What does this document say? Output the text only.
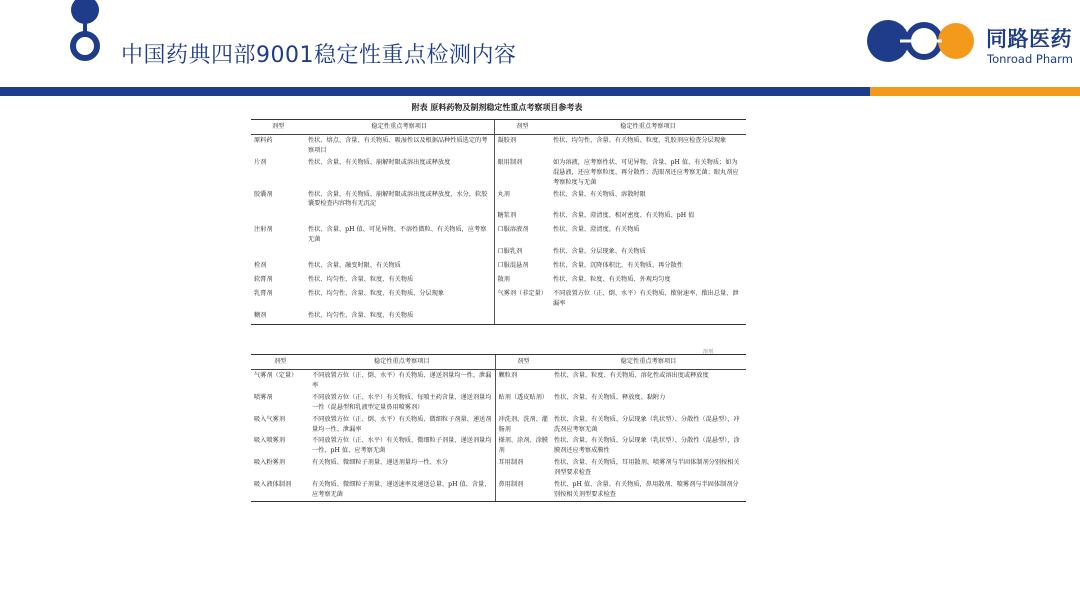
中国药典四部9001稳定性重点检测内容
同路医药
Tonroad Pharm
附表 原料药物及制剂稳定性重点考察项目参考表
剂型	稳定性重点考察项目	剂型	稳定性重点考察项目
原料药	性状、熔点、含量、有关物质、吸湿性以及根据品种性质选定的考察项目	凝胶剂	性状、均匀性、含量、有关物质、粒度，乳胶剂应检查分层现象
片剂	性状、含量、有关物质、崩解时限或溶出度或释放度	眼用制剂	如为溶液，应考察性状、可见异物、含量、pH 值、有关物质；如为混悬液，还应考察粒度、再分散性；洗眼剂还应考察无菌；眼丸剂应考察粒度与无菌
胶囊剂	性状、含量、有关物质、崩解时限或溶出度或释放度、水分，软胶囊要检查内容物有无沉淀	丸剂	性状、含量、有关物质、溶散时限
		糖浆剂	性状、含量、澄清度、相对密度、有关物质、pH 值
注射剂	性状、含量、pH 值、可见异物、不溶性微粒、有关物质，应考察无菌	口服溶液剂	性状、含量、澄清度、有关物质
		口服乳剂	性状、含量、分层现象、有关物质
栓剂	性状、含量、融变时限、有关物质	口服混悬剂	性状、含量、沉降体积比、有关物质、再分散性
软膏剂	性状、均匀性、含量、粒度、有关物质	散剂	性状、含量、粒度、有关物质、外观均匀度
乳膏剂	性状、均匀性、含量、粒度、有关物质、分层现象	气雾剂（非定量）	不同放置方位（正、倒、水平）有关物质、揿射速率、揿出总量、泄漏率
糊剂	性状、均匀性、含量、粒度、有关物质		
溶剂
剂型	稳定性重点考察项目	剂型	稳定性重点考察项目
气雾剂（定量）	不同放置方位（正、倒、水平）有关物质、递送剂量均一性、泄漏率	颗粒剂	性状、含量、粒度、有关物质、溶化性或溶出度或释放度
喷雾剂	不同放置方位（正、水平）有关物质、每喷主药含量、递送剂量均一性（混悬型和乳液型定量鼻用喷雾剂）	贴剂（透皮贴剂）	性状、含量、有关物质、释放度、黏附力
吸入气雾剂	不同放置方位（正、倒、水平）有关物质、微细粒子剂量、递送剂量均一性、泄漏率	冲洗剂、洗剂、灌肠剂	性状、含量、有关物质、分层现象（乳状型）、分散性（混悬型），冲洗剂应考察无菌
吸入喷雾剂	不同放置方位（正、水平）有关物质、微细粒子剂量、递送剂量均一性、pH 值、应考察无菌	搽剂、涂剂、涂膜剂	性状、含量、有关物质、分层现象（乳状型）、分散性（混悬型），涂膜剂还应考察成膜性
吸入粉雾剂	有关物质、微细粒子剂量、递送剂量均一性、水分	耳用制剂	性状、含量、有关物质，耳用散剂、喷雾剂与半固体制剂分别按相关剂型要求检查
吸入液体制剂	有关物质、微细粒子剂量、递送速率及递送总量、pH 值、含量、应考察无菌	鼻用制剂	性状、pH 值、含量、有关物质，鼻用散剂、喷雾剂与半固体制剂分别按相关剂型要求检查
